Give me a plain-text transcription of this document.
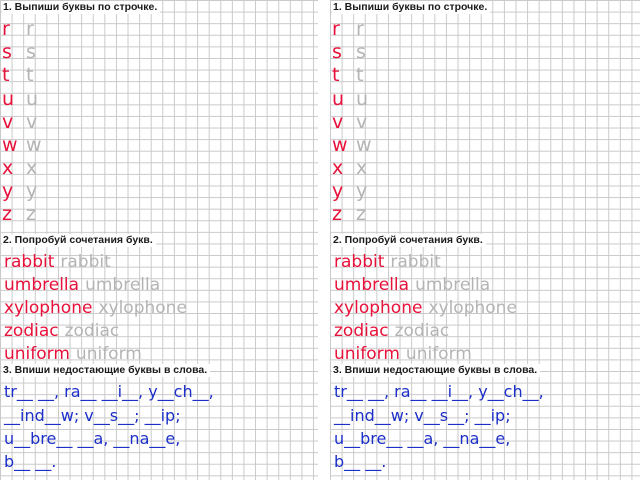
1. Выпиши буквы по строчке.
r r
s s
t t
u u
v v
w w
x x
y y
z z
2. Попробуй сочетания букв.
rabbit rabbit
umbrella umbrella
xylophone xylophone
zodiac zodiac
uniform uniform
3. Впиши недостающие буквы в слова.
tr__ __, ra__ __i__, y__ch__,
__ind__w; v__s__; __ip;
u__bre__ __a, __na__e,
b__ __.
1. Выпиши буквы по строчке.
r r
s s
t t
u u
v v
w w
x x
y y
z z
2. Попробуй сочетания букв.
rabbit rabbit
umbrella umbrella
xylophone xylophone
zodiac zodiac
uniform uniform
3. Впиши недостающие буквы в слова.
tr__ __, ra__ __i__, y__ch__,
__ind__w; v__s__; __ip;
u__bre__ __a, __na__e,
b__ __.
